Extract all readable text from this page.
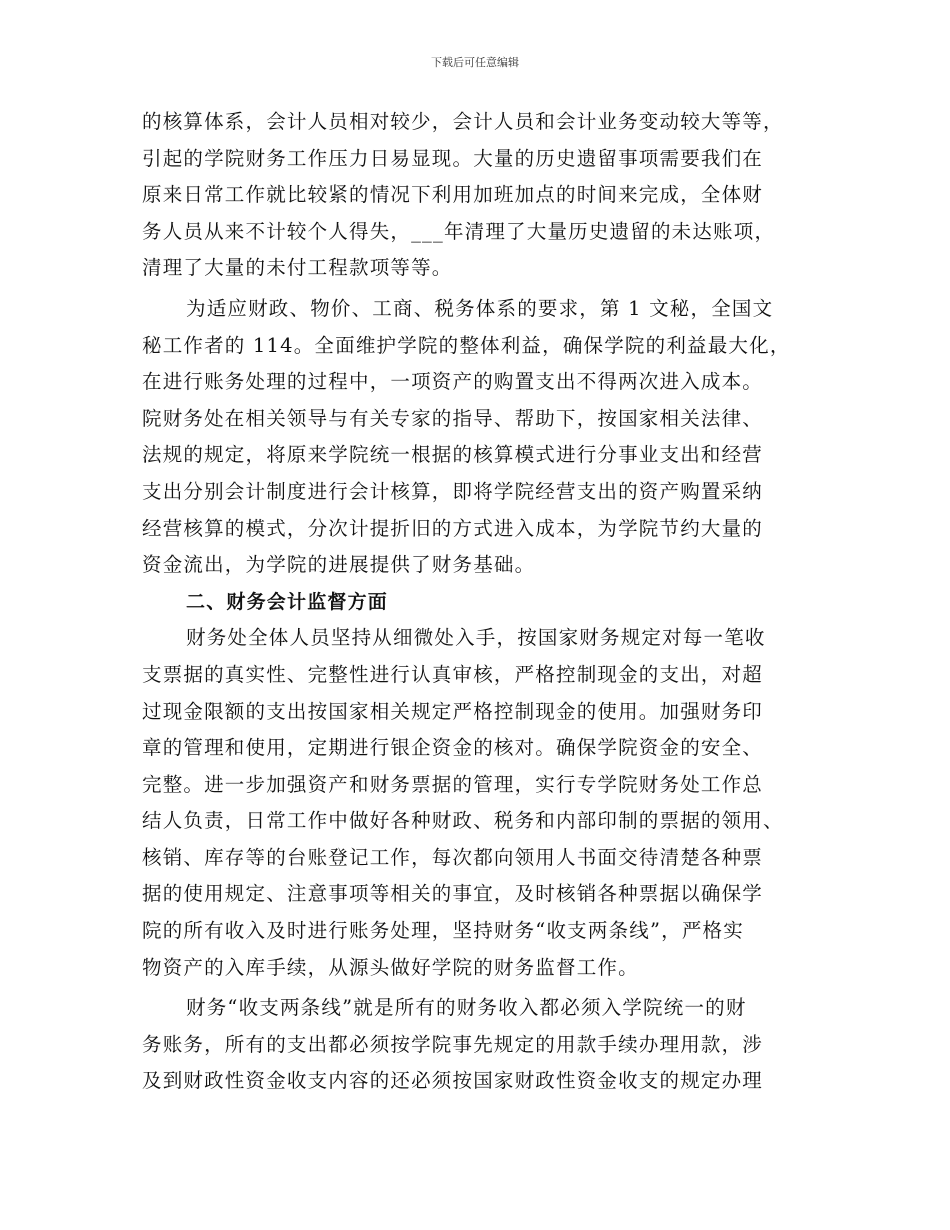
下载后可任意编辑
的核算体系，会计人员相对较少，会计人员和会计业务变动较大等等，
引起的学院财务工作压力日易显现。大量的历史遗留事项需要我们在
原来日常工作就比较紧的情况下利用加班加点的时间来完成，全体财
务人员从来不计较个人得失，___年清理了大量历史遗留的未达账项，
清理了大量的未付工程款项等等。
为适应财政、物价、工商、税务体系的要求，第 1 文秘，全国文
秘工作者的 114。全面维护学院的整体利益，确保学院的利益最大化，
在进行账务处理的过程中，一项资产的购置支出不得两次进入成本。
院财务处在相关领导与有关专家的指导、帮助下，按国家相关法律、
法规的规定，将原来学院统一根据的核算模式进行分事业支出和经营
支出分别会计制度进行会计核算，即将学院经营支出的资产购置采纳
经营核算的模式，分次计提折旧的方式进入成本，为学院节约大量的
资金流出，为学院的进展提供了财务基础。
二、财务会计监督方面
财务处全体人员坚持从细微处入手，按国家财务规定对每一笔收
支票据的真实性、完整性进行认真审核，严格控制现金的支出，对超
过现金限额的支出按国家相关规定严格控制现金的使用。加强财务印
章的管理和使用，定期进行银企资金的核对。确保学院资金的安全、
完整。进一步加强资产和财务票据的管理，实行专学院财务处工作总
结人负责，日常工作中做好各种财政、税务和内部印制的票据的领用、
核销、库存等的台账登记工作，每次都向领用人书面交待清楚各种票
据的使用规定、注意事项等相关的事宜，及时核销各种票据以确保学
院的所有收入及时进行账务处理，坚持财务“收支两条线”，严格实
物资产的入库手续，从源头做好学院的财务监督工作。
财务“收支两条线”就是所有的财务收入都必须入学院统一的财
务账务，所有的支出都必须按学院事先规定的用款手续办理用款，涉
及到财政性资金收支内容的还必须按国家财政性资金收支的规定办理
